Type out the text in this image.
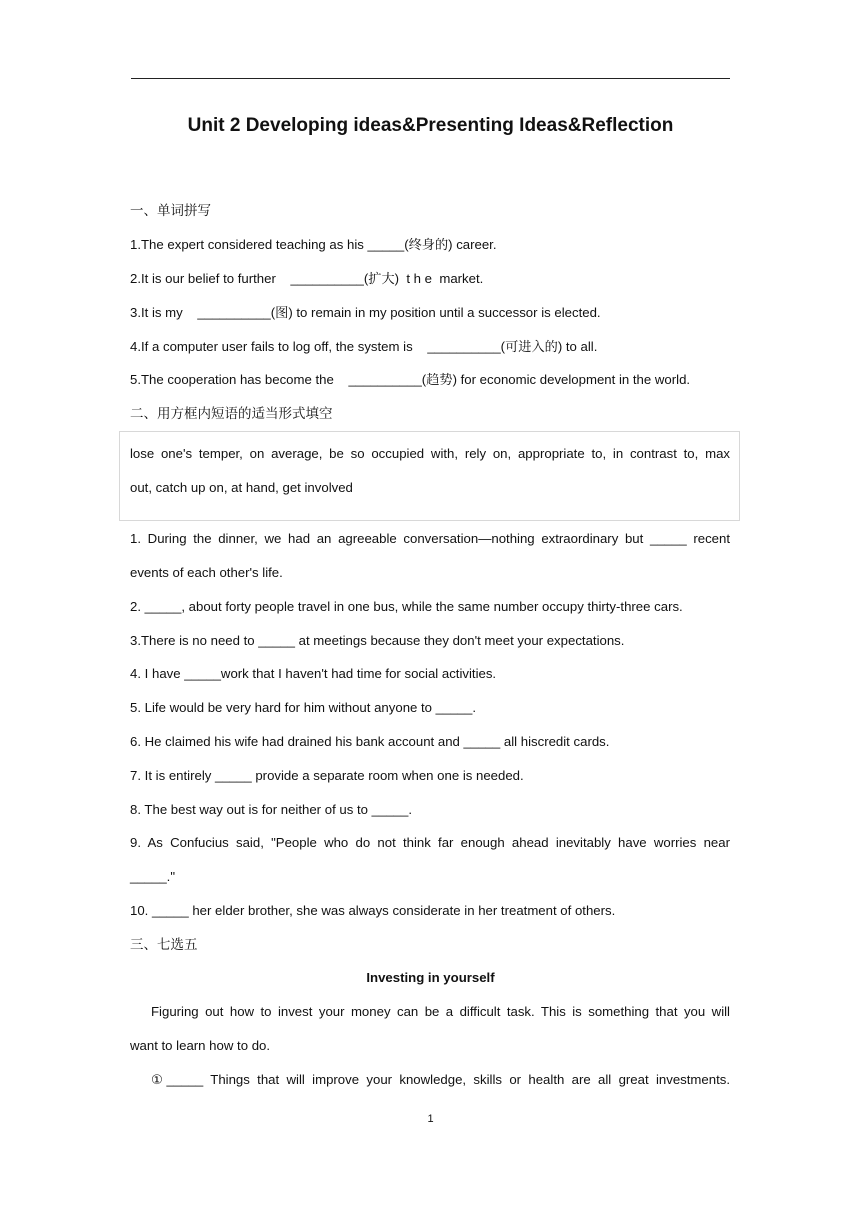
Unit 2 Developing ideas&Presenting Ideas&Reflection
一、单词拼写
1.The expert considered teaching as his _____(终身的) career.
2.It is our belief to further    __________(扩大)  t h e  market.
3.It is my    __________(图) to remain in my position until a successor is elected.
4.If a computer user fails to log off, the system is    __________(可进入的) to all.
5.The cooperation has become the    __________(趋势) for economic development in the world.
二、用方框内短语的适当形式填空
lose one's temper, on average, be so occupied with, rely on, appropriate to, in contrast to, max
out, catch up on, at hand, get involved
1. During the dinner, we had an agreeable conversation—nothing extraordinary but _____ recent
events of each other's life.
2. _____, about forty people travel in one bus, while the same number occupy thirty-three cars.
3.There is no need to _____ at meetings because they don't meet your expectations.
4. I have _____work that I haven't had time for social activities.
5. Life would be very hard for him without anyone to _____.
6. He claimed his wife had drained his bank account and _____ all hiscredit cards.
7. It is entirely _____ provide a separate room when one is needed.
8. The best way out is for neither of us to _____.
9. As Confucius said, "People who do not think far enough ahead inevitably have worries near
_____."
10. _____ her elder brother, she was always considerate in her treatment of others.
三、七选五
Investing in yourself
Figuring out how to invest your money can be a difficult task. This is something that you will
want to learn how to do.
①_____ Things that will improve your knowledge, skills or health are all great investments.
1
